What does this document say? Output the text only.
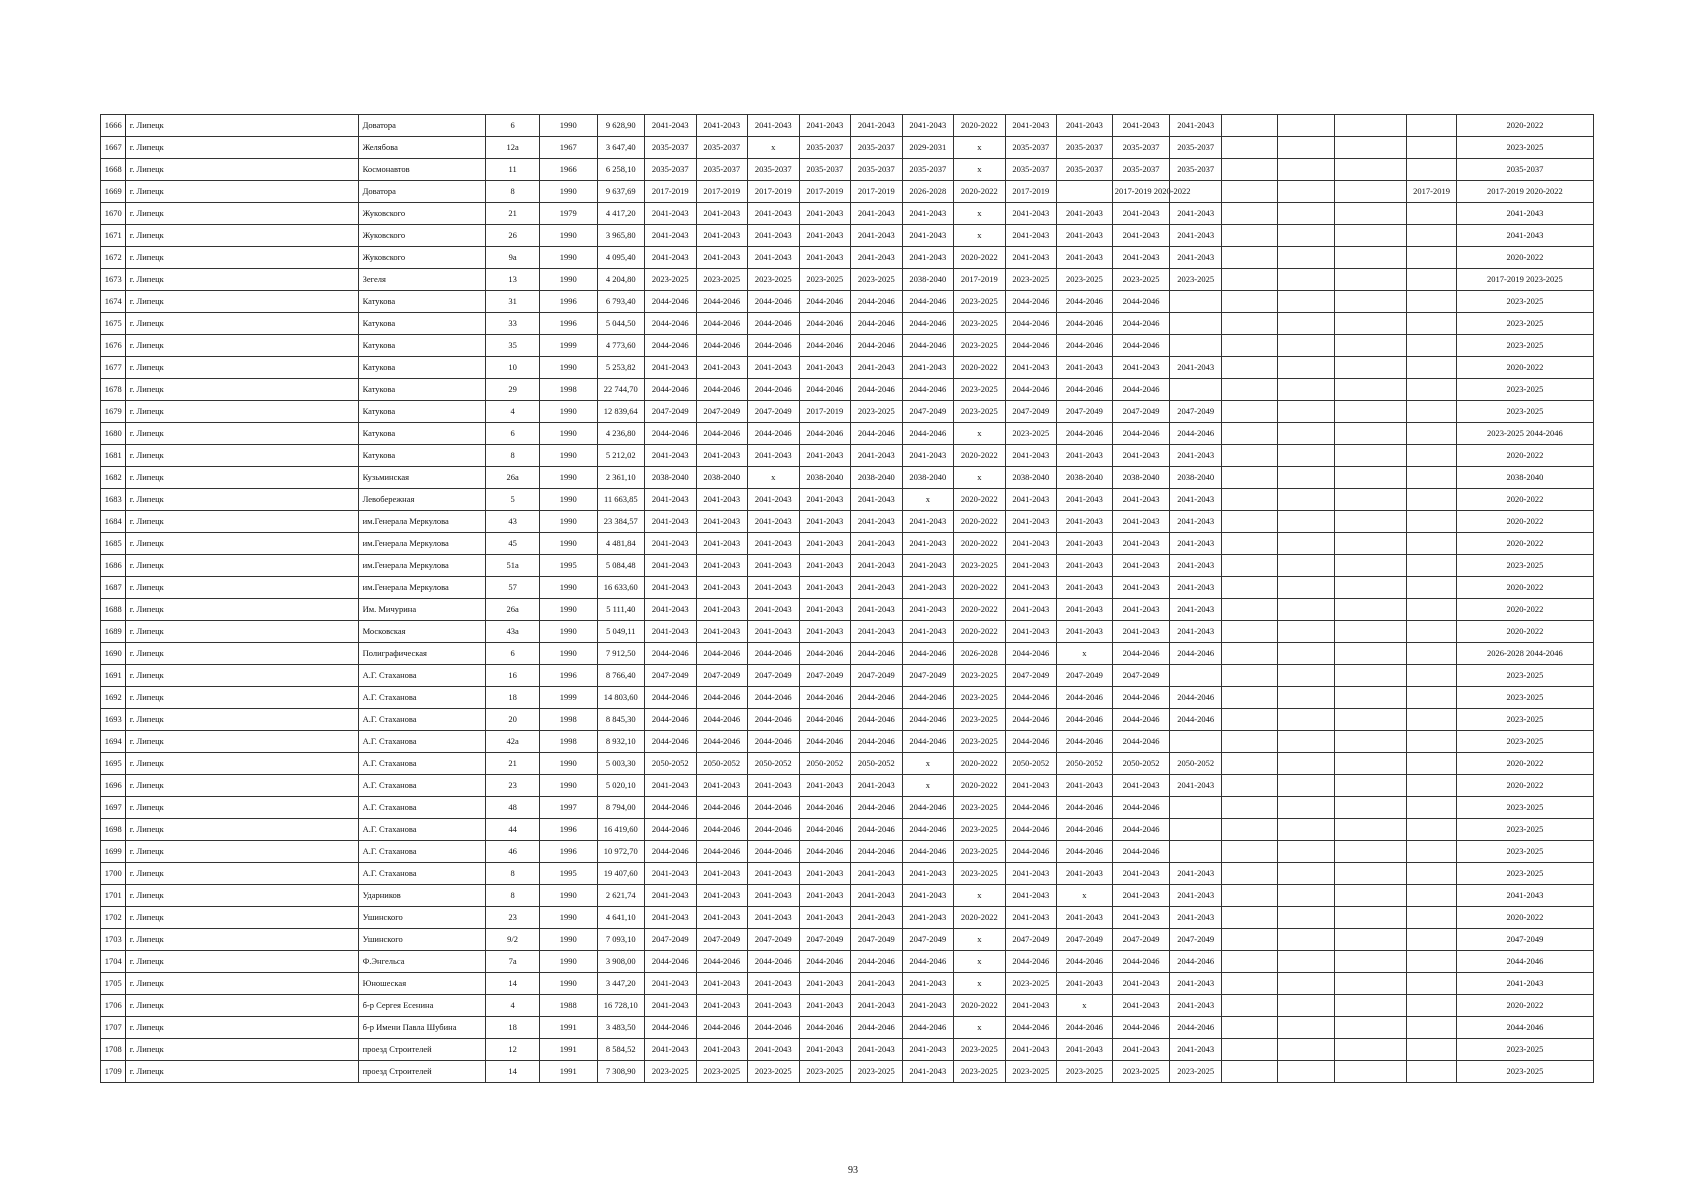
1666	г. Липецк	Доватора	6	1990	9 628,90	2041-2043	2041-2043	2041-2043	2041-2043	2041-2043	2041-2043	2020-2022	2041-2043	2041-2043	2041-2043	2041-2043					2020-2022
1667	г. Липецк	Желябова	12а	1967	3 647,40	2035-2037	2035-2037	х	2035-2037	2035-2037	2029-2031	х	2035-2037	2035-2037	2035-2037	2035-2037					2023-2025
1668	г. Липецк	Космонавтов	11	1966	6 258,10	2035-2037	2035-2037	2035-2037	2035-2037	2035-2037	2035-2037	х	2035-2037	2035-2037	2035-2037	2035-2037					2035-2037
1669	г. Липецк	Доватора	8	1990	9 637,69	2017-2019	2017-2019	2017-2019	2017-2019	2017-2019	2026-2028	2020-2022	2017-2019		2017-2019 2020-2022					2017-2019	2017-2019 2020-2022
1670	г. Липецк	Жуковского	21	1979	4 417,20	2041-2043	2041-2043	2041-2043	2041-2043	2041-2043	2041-2043	х	2041-2043	2041-2043	2041-2043	2041-2043					2041-2043
1671	г. Липецк	Жуковского	26	1990	3 965,80	2041-2043	2041-2043	2041-2043	2041-2043	2041-2043	2041-2043	х	2041-2043	2041-2043	2041-2043	2041-2043					2041-2043
1672	г. Липецк	Жуковского	9а	1990	4 095,40	2041-2043	2041-2043	2041-2043	2041-2043	2041-2043	2041-2043	2020-2022	2041-2043	2041-2043	2041-2043	2041-2043					2020-2022
1673	г. Липецк	Зегеля	13	1990	4 204,80	2023-2025	2023-2025	2023-2025	2023-2025	2023-2025	2038-2040	2017-2019	2023-2025	2023-2025	2023-2025	2023-2025					2017-2019 2023-2025
1674	г. Липецк	Катукова	31	1996	6 793,40	2044-2046	2044-2046	2044-2046	2044-2046	2044-2046	2044-2046	2023-2025	2044-2046	2044-2046	2044-2046						2023-2025
1675	г. Липецк	Катукова	33	1996	5 044,50	2044-2046	2044-2046	2044-2046	2044-2046	2044-2046	2044-2046	2023-2025	2044-2046	2044-2046	2044-2046						2023-2025
1676	г. Липецк	Катукова	35	1999	4 773,60	2044-2046	2044-2046	2044-2046	2044-2046	2044-2046	2044-2046	2023-2025	2044-2046	2044-2046	2044-2046						2023-2025
1677	г. Липецк	Катукова	10	1990	5 253,82	2041-2043	2041-2043	2041-2043	2041-2043	2041-2043	2041-2043	2020-2022	2041-2043	2041-2043	2041-2043	2041-2043					2020-2022
1678	г. Липецк	Катукова	29	1998	22 744,70	2044-2046	2044-2046	2044-2046	2044-2046	2044-2046	2044-2046	2023-2025	2044-2046	2044-2046	2044-2046						2023-2025
1679	г. Липецк	Катукова	4	1990	12 839,64	2047-2049	2047-2049	2047-2049	2017-2019	2023-2025	2047-2049	2023-2025	2047-2049	2047-2049	2047-2049	2047-2049					2023-2025
1680	г. Липецк	Катукова	6	1990	4 236,80	2044-2046	2044-2046	2044-2046	2044-2046	2044-2046	2044-2046	х	2023-2025	2044-2046	2044-2046	2044-2046					2023-2025 2044-2046
1681	г. Липецк	Катукова	8	1990	5 212,02	2041-2043	2041-2043	2041-2043	2041-2043	2041-2043	2041-2043	2020-2022	2041-2043	2041-2043	2041-2043	2041-2043					2020-2022
1682	г. Липецк	Кузьминская	26а	1990	2 361,10	2038-2040	2038-2040	х	2038-2040	2038-2040	2038-2040	х	2038-2040	2038-2040	2038-2040	2038-2040					2038-2040
1683	г. Липецк	Левобережная	5	1990	11 663,85	2041-2043	2041-2043	2041-2043	2041-2043	2041-2043	х	2020-2022	2041-2043	2041-2043	2041-2043	2041-2043					2020-2022
1684	г. Липецк	им.Генерала Меркулова	43	1990	23 384,57	2041-2043	2041-2043	2041-2043	2041-2043	2041-2043	2041-2043	2020-2022	2041-2043	2041-2043	2041-2043	2041-2043					2020-2022
1685	г. Липецк	им.Генерала Меркулова	45	1990	4 481,84	2041-2043	2041-2043	2041-2043	2041-2043	2041-2043	2041-2043	2020-2022	2041-2043	2041-2043	2041-2043	2041-2043					2020-2022
1686	г. Липецк	им.Генерала Меркулова	51а	1995	5 084,48	2041-2043	2041-2043	2041-2043	2041-2043	2041-2043	2041-2043	2023-2025	2041-2043	2041-2043	2041-2043	2041-2043					2023-2025
1687	г. Липецк	им.Генерала Меркулова	57	1990	16 633,60	2041-2043	2041-2043	2041-2043	2041-2043	2041-2043	2041-2043	2020-2022	2041-2043	2041-2043	2041-2043	2041-2043					2020-2022
1688	г. Липецк	Им. Мичурина	26а	1990	5 111,40	2041-2043	2041-2043	2041-2043	2041-2043	2041-2043	2041-2043	2020-2022	2041-2043	2041-2043	2041-2043	2041-2043					2020-2022
1689	г. Липецк	Московская	43а	1990	5 049,11	2041-2043	2041-2043	2041-2043	2041-2043	2041-2043	2041-2043	2020-2022	2041-2043	2041-2043	2041-2043	2041-2043					2020-2022
1690	г. Липецк	Полиграфическая	6	1990	7 912,50	2044-2046	2044-2046	2044-2046	2044-2046	2044-2046	2044-2046	2026-2028	2044-2046	х	2044-2046	2044-2046					2026-2028 2044-2046
1691	г. Липецк	А.Г. Стаханова	16	1996	8 766,40	2047-2049	2047-2049	2047-2049	2047-2049	2047-2049	2047-2049	2023-2025	2047-2049	2047-2049	2047-2049						2023-2025
1692	г. Липецк	А.Г. Стаханова	18	1999	14 803,60	2044-2046	2044-2046	2044-2046	2044-2046	2044-2046	2044-2046	2023-2025	2044-2046	2044-2046	2044-2046	2044-2046					2023-2025
1693	г. Липецк	А.Г. Стаханова	20	1998	8 845,30	2044-2046	2044-2046	2044-2046	2044-2046	2044-2046	2044-2046	2023-2025	2044-2046	2044-2046	2044-2046	2044-2046					2023-2025
1694	г. Липецк	А.Г. Стаханова	42а	1998	8 932,10	2044-2046	2044-2046	2044-2046	2044-2046	2044-2046	2044-2046	2023-2025	2044-2046	2044-2046	2044-2046						2023-2025
1695	г. Липецк	А.Г. Стаханова	21	1990	5 003,30	2050-2052	2050-2052	2050-2052	2050-2052	2050-2052	х	2020-2022	2050-2052	2050-2052	2050-2052	2050-2052					2020-2022
1696	г. Липецк	А.Г. Стаханова	23	1990	5 020,10	2041-2043	2041-2043	2041-2043	2041-2043	2041-2043	х	2020-2022	2041-2043	2041-2043	2041-2043	2041-2043					2020-2022
1697	г. Липецк	А.Г. Стаханова	48	1997	8 794,00	2044-2046	2044-2046	2044-2046	2044-2046	2044-2046	2044-2046	2023-2025	2044-2046	2044-2046	2044-2046						2023-2025
1698	г. Липецк	А.Г. Стаханова	44	1996	16 419,60	2044-2046	2044-2046	2044-2046	2044-2046	2044-2046	2044-2046	2023-2025	2044-2046	2044-2046	2044-2046						2023-2025
1699	г. Липецк	А.Г. Стаханова	46	1996	10 972,70	2044-2046	2044-2046	2044-2046	2044-2046	2044-2046	2044-2046	2023-2025	2044-2046	2044-2046	2044-2046						2023-2025
1700	г. Липецк	А.Г. Стаханова	8	1995	19 407,60	2041-2043	2041-2043	2041-2043	2041-2043	2041-2043	2041-2043	2023-2025	2041-2043	2041-2043	2041-2043	2041-2043					2023-2025
1701	г. Липецк	Ударников	8	1990	2 621,74	2041-2043	2041-2043	2041-2043	2041-2043	2041-2043	2041-2043	х	2041-2043	х	2041-2043	2041-2043					2041-2043
1702	г. Липецк	Ушинского	23	1990	4 641,10	2041-2043	2041-2043	2041-2043	2041-2043	2041-2043	2041-2043	2020-2022	2041-2043	2041-2043	2041-2043	2041-2043					2020-2022
1703	г. Липецк	Ушинского	9/2	1990	7 093,10	2047-2049	2047-2049	2047-2049	2047-2049	2047-2049	2047-2049	х	2047-2049	2047-2049	2047-2049	2047-2049					2047-2049
1704	г. Липецк	Ф.Энгельса	7а	1990	3 908,00	2044-2046	2044-2046	2044-2046	2044-2046	2044-2046	2044-2046	х	2044-2046	2044-2046	2044-2046	2044-2046					2044-2046
1705	г. Липецк	Юношеская	14	1990	3 447,20	2041-2043	2041-2043	2041-2043	2041-2043	2041-2043	2041-2043	х	2023-2025	2041-2043	2041-2043	2041-2043					2041-2043
1706	г. Липецк	б-р Сергея Есенина	4	1988	16 728,10	2041-2043	2041-2043	2041-2043	2041-2043	2041-2043	2041-2043	2020-2022	2041-2043	х	2041-2043	2041-2043					2020-2022
1707	г. Липецк	б-р Имени Павла Шубина	18	1991	3 483,50	2044-2046	2044-2046	2044-2046	2044-2046	2044-2046	2044-2046	х	2044-2046	2044-2046	2044-2046	2044-2046					2044-2046
1708	г. Липецк	проезд Строителей	12	1991	8 584,52	2041-2043	2041-2043	2041-2043	2041-2043	2041-2043	2041-2043	2023-2025	2041-2043	2041-2043	2041-2043	2041-2043					2023-2025
1709	г. Липецк	проезд Строителей	14	1991	7 308,90	2023-2025	2023-2025	2023-2025	2023-2025	2023-2025	2041-2043	2023-2025	2023-2025	2023-2025	2023-2025	2023-2025					2023-2025
93
